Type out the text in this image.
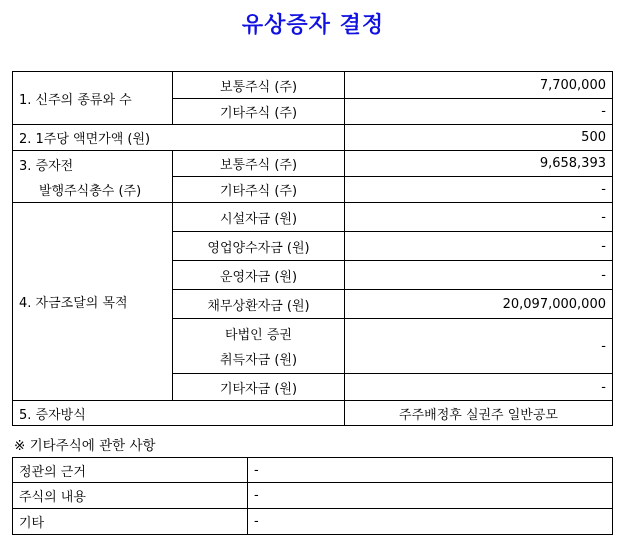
유상증자 결정
1. 신주의 종류와 수	보통주식 (주)	7,700,000
	기타주식 (주)	-
2. 1주당 액면가액 (원)		500

3. 증자전
발행주식총수 (주)	보통주식 (주)	9,658,393
	기타주식 (주)	-
4. 자금조달의 목적	시설자금 (원)	-
	영업양수자금 (원)	-
	운영자금 (원)	-
	채무상환자금 (원)	20,097,000,000

	타법인 증권
취득자금 (원)	-
	기타자금 (원)	-
5. 증자방식		주주배정후 실권주 일반공모
※ 기타주식에 관한 사항
정관의 근거	-
주식의 내용	-
기타	-
